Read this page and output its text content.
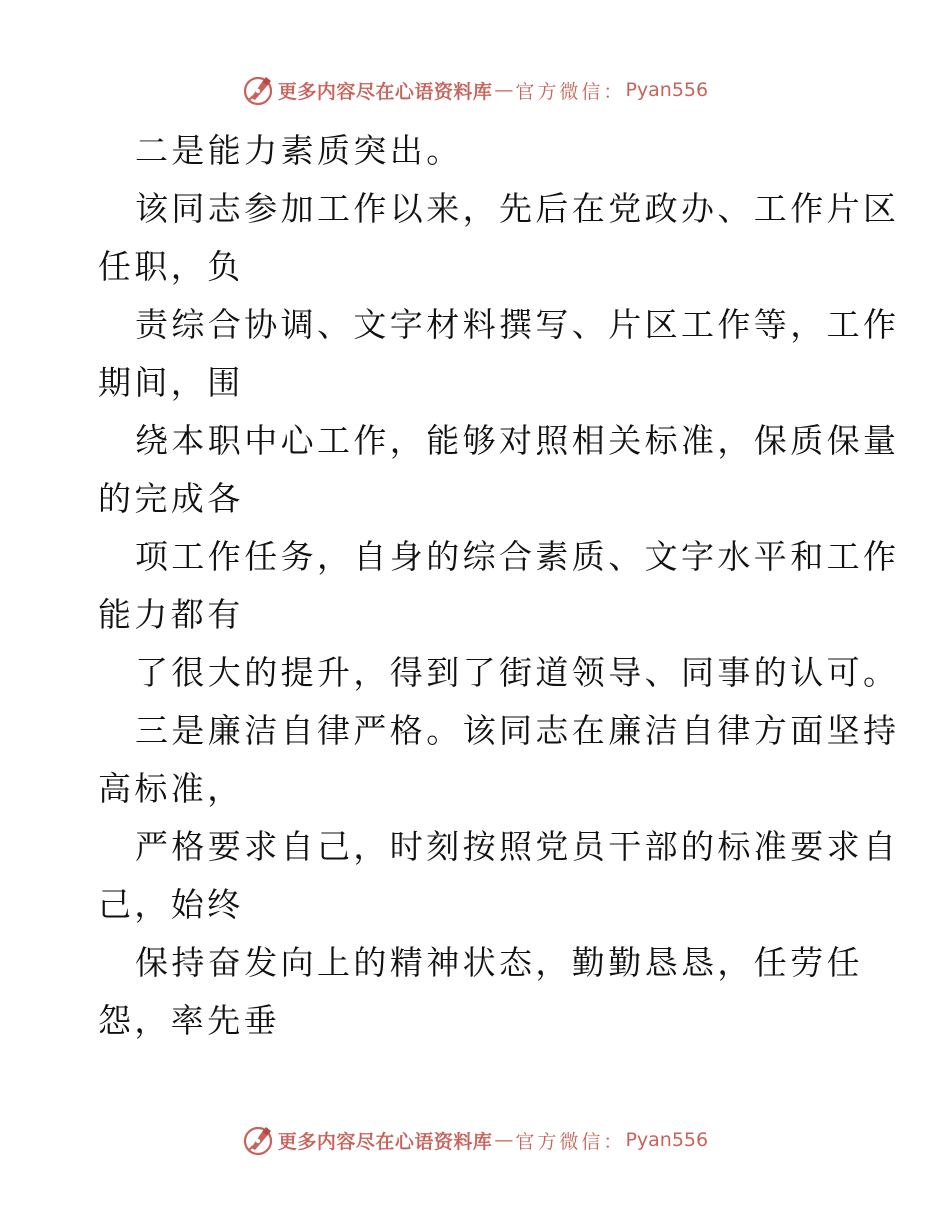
更多内容尽在心语资料库 — 官方微信： Pyan556
二是能力素质突出。
该同志参加工作以来，先后在党政办、工作片区
任职，负
责综合协调、文字材料撰写、片区工作等，工作
期间，围
绕本职中心工作，能够对照相关标准，保质保量
的完成各
项工作任务，自身的综合素质、文字水平和工作
能力都有
了很大的提升，得到了街道领导、同事的认可。
三是廉洁自律严格。该同志在廉洁自律方面坚持
高标准，
严格要求自己，时刻按照党员干部的标准要求自
己，始终
保持奋发向上的精神状态，勤勤恳恳，任劳任
怨，率先垂
更多内容尽在心语资料库 — 官方微信： Pyan556
